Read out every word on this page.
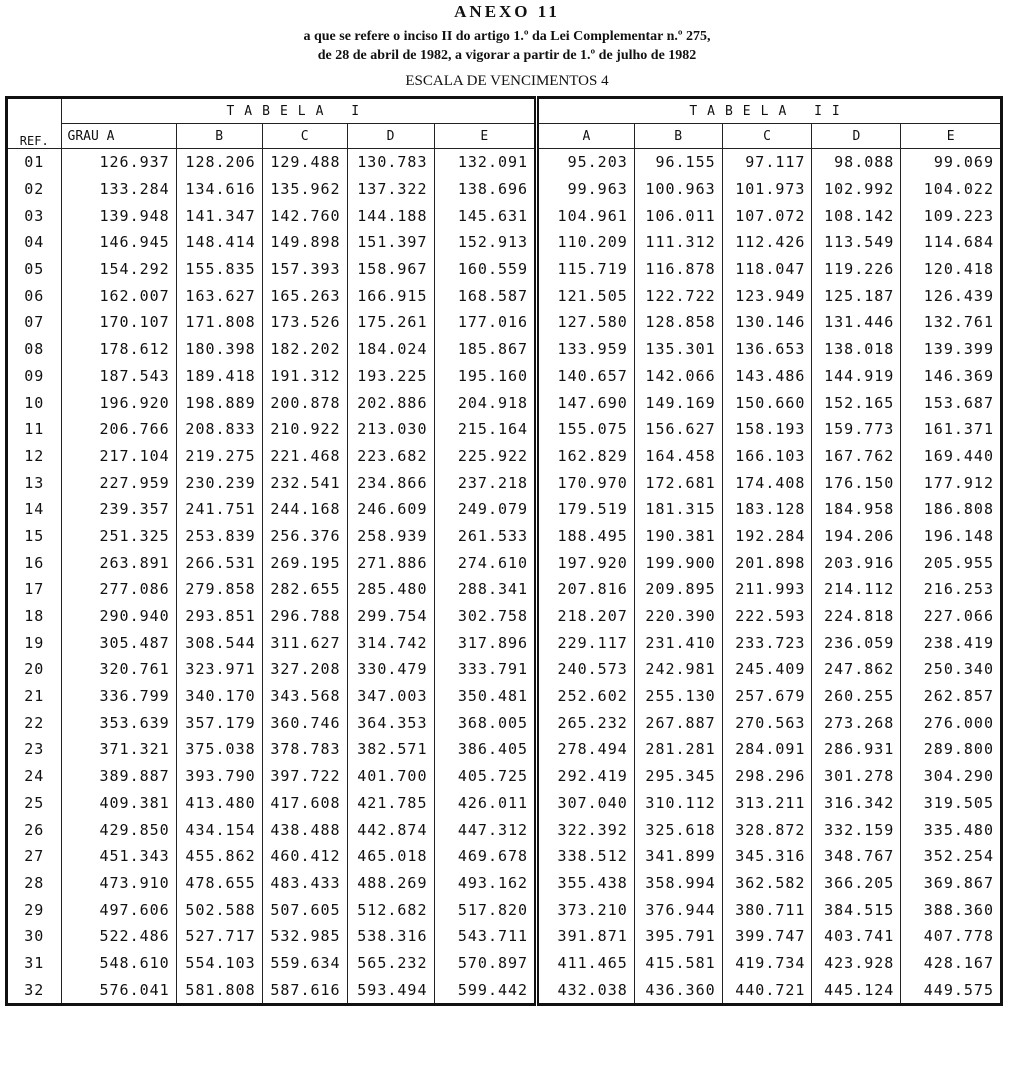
ANEXO 11
a que se refere o inciso II do artigo 1.º da Lei Complementar n.º 275,
de 28 de abril de 1982, a vigorar a partir de 1.º de julho de 1982
ESCALA DE VENCIMENTOS 4
REF.	TABELA I					TABELA II				
	GRAU A	B	C	D	E	A	B	C	D	E
01	126.937	128.206	129.488	130.783	132.091	95.203	96.155	97.117	98.088	99.069
02	133.284	134.616	135.962	137.322	138.696	99.963	100.963	101.973	102.992	104.022
03	139.948	141.347	142.760	144.188	145.631	104.961	106.011	107.072	108.142	109.223
04	146.945	148.414	149.898	151.397	152.913	110.209	111.312	112.426	113.549	114.684
05	154.292	155.835	157.393	158.967	160.559	115.719	116.878	118.047	119.226	120.418
06	162.007	163.627	165.263	166.915	168.587	121.505	122.722	123.949	125.187	126.439
07	170.107	171.808	173.526	175.261	177.016	127.580	128.858	130.146	131.446	132.761
08	178.612	180.398	182.202	184.024	185.867	133.959	135.301	136.653	138.018	139.399
09	187.543	189.418	191.312	193.225	195.160	140.657	142.066	143.486	144.919	146.369
10	196.920	198.889	200.878	202.886	204.918	147.690	149.169	150.660	152.165	153.687
11	206.766	208.833	210.922	213.030	215.164	155.075	156.627	158.193	159.773	161.371
12	217.104	219.275	221.468	223.682	225.922	162.829	164.458	166.103	167.762	169.440
13	227.959	230.239	232.541	234.866	237.218	170.970	172.681	174.408	176.150	177.912
14	239.357	241.751	244.168	246.609	249.079	179.519	181.315	183.128	184.958	186.808
15	251.325	253.839	256.376	258.939	261.533	188.495	190.381	192.284	194.206	196.148
16	263.891	266.531	269.195	271.886	274.610	197.920	199.900	201.898	203.916	205.955
17	277.086	279.858	282.655	285.480	288.341	207.816	209.895	211.993	214.112	216.253
18	290.940	293.851	296.788	299.754	302.758	218.207	220.390	222.593	224.818	227.066
19	305.487	308.544	311.627	314.742	317.896	229.117	231.410	233.723	236.059	238.419
20	320.761	323.971	327.208	330.479	333.791	240.573	242.981	245.409	247.862	250.340
21	336.799	340.170	343.568	347.003	350.481	252.602	255.130	257.679	260.255	262.857
22	353.639	357.179	360.746	364.353	368.005	265.232	267.887	270.563	273.268	276.000
23	371.321	375.038	378.783	382.571	386.405	278.494	281.281	284.091	286.931	289.800
24	389.887	393.790	397.722	401.700	405.725	292.419	295.345	298.296	301.278	304.290
25	409.381	413.480	417.608	421.785	426.011	307.040	310.112	313.211	316.342	319.505
26	429.850	434.154	438.488	442.874	447.312	322.392	325.618	328.872	332.159	335.480
27	451.343	455.862	460.412	465.018	469.678	338.512	341.899	345.316	348.767	352.254
28	473.910	478.655	483.433	488.269	493.162	355.438	358.994	362.582	366.205	369.867
29	497.606	502.588	507.605	512.682	517.820	373.210	376.944	380.711	384.515	388.360
30	522.486	527.717	532.985	538.316	543.711	391.871	395.791	399.747	403.741	407.778
31	548.610	554.103	559.634	565.232	570.897	411.465	415.581	419.734	423.928	428.167
32	576.041	581.808	587.616	593.494	599.442	432.038	436.360	440.721	445.124	449.575
